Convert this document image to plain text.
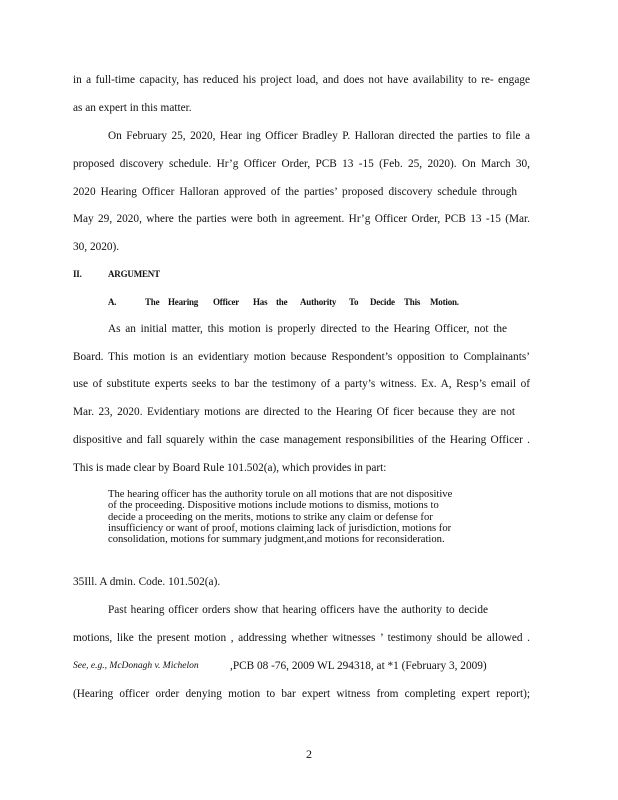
in a full-time capacity, has reduced his project load, and does not have availability to re- engage
as an expert in this matter.
On February 25, 2020, Hear ing Officer Bradley P. Halloran directed the parties to file a
proposed discovery schedule. Hr’g Officer Order, PCB 13 -15 (Feb. 25, 2020). On March 30,
2020 Hearing Officer Halloran approved of the parties’ proposed discovery schedule through
May 29, 2020, where the parties were both in agreement. Hr’g Officer Order, PCB 13 -15 (Mar.
30, 2020).
II.	ARGUMENT
A.	The Hearing Officer Has the Authority To Decide This Motion.
As an initial matter, this motion is properly directed to the Hearing Officer, not the
Board. This motion is an evidentiary motion because Respondent’s opposition to Complainants’
use of substitute experts seeks to bar the testimony of a party’s witness. Ex. A, Resp’s email of
Mar. 23, 2020. Evidentiary motions are directed to the Hearing Of ficer because they are not
dispositive and fall squarely within the case management responsibilities of the Hearing Officer .
This is made clear by Board Rule 101.502(a), which provides in part:
The hearing officer has the authority torule on all motions that are not dispositive
of the proceeding. Dispositive motions include motions to dismiss, motions to
decide a proceeding on the merits, motions to strike any claim or defense for
insufficiency or want of proof, motions claiming lack of jurisdiction, motions for
consolidation, motions for summary judgment,and motions for reconsideration.
35Ill. A dmin. Code. 101.502(a).
Past hearing officer orders show that hearing officers have the authority to decide
motions, like the present motion , addressing whether witnesses ’ testimony should be allowed .
See, e.g., McDonagh v. Michelon	,PCB 08 -76, 2009 WL 294318, at *1 (February 3, 2009)
(Hearing officer order denying motion to bar expert witness from completing expert report);
2
